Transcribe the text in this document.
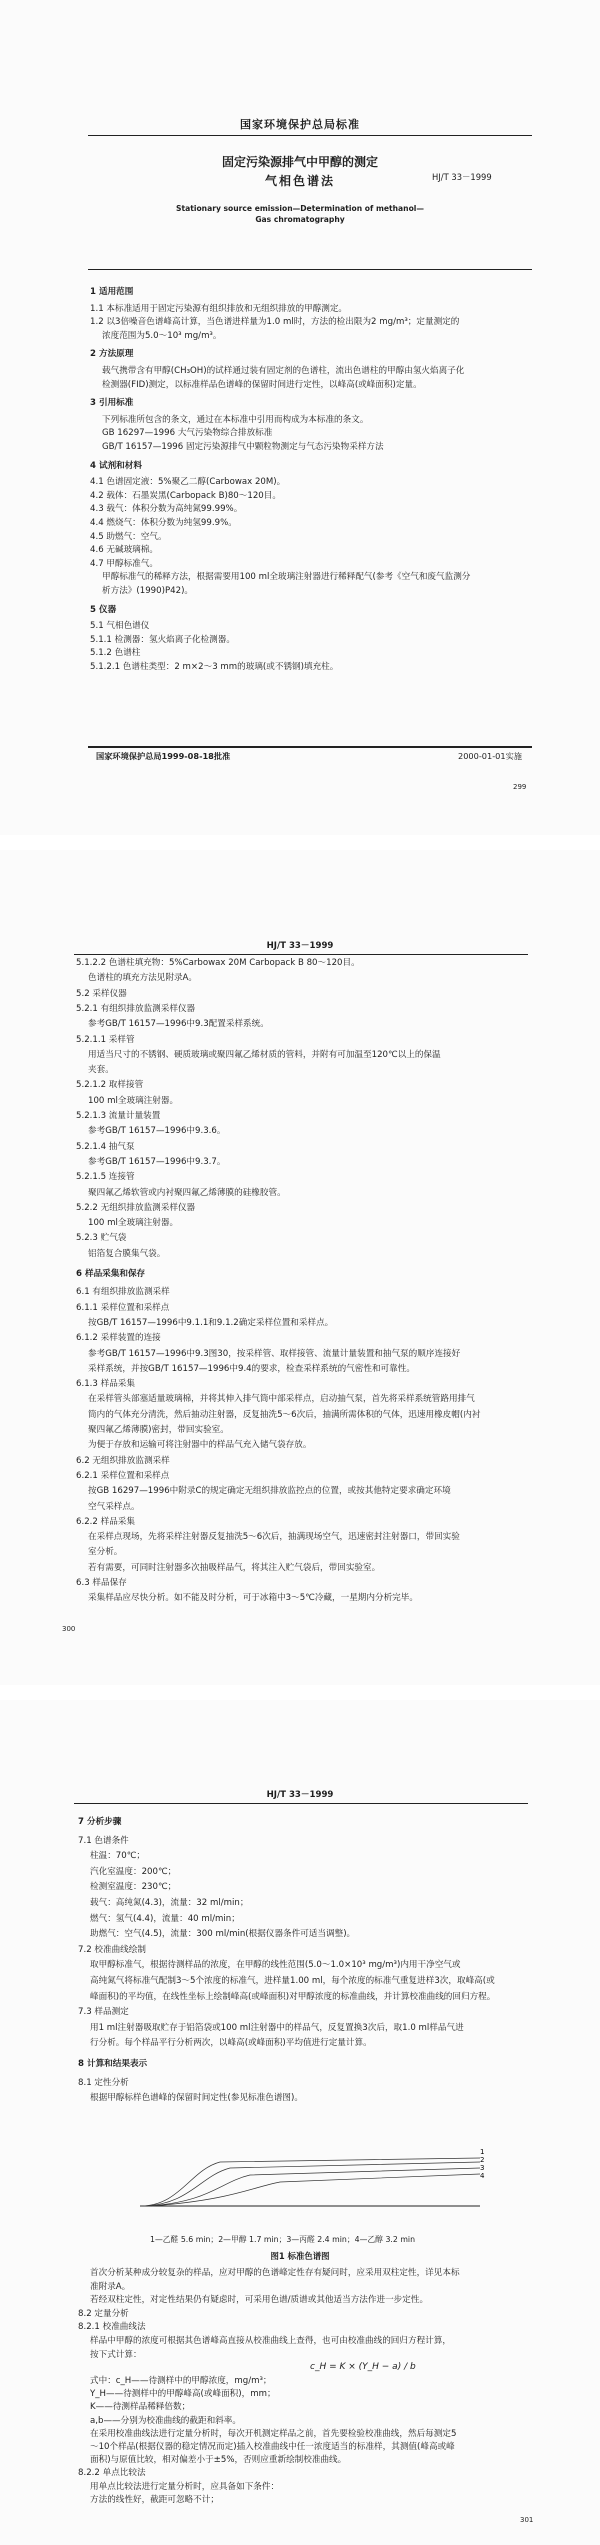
国家环境保护总局标准
固定污染源排气中甲醇的测定
气相色谱法	HJ/T 33－1999
Stationary source emission—Determination of methanol—
Gas chromatography
1 适用范围
1.1 本标准适用于固定污染源有组织排放和无组织排放的甲醇测定。
1.2 以3倍噪音色谱峰高计算，当色谱进样量为1.0 ml时，方法的检出限为2 mg/m³；定量测定的
浓度范围为5.0～10³ mg/m³。
2 方法原理
载气携带含有甲醇(CH₃OH)的试样通过装有固定剂的色谱柱，流出色谱柱的甲醇由氢火焰离子化
检测器(FID)测定，以标准样品色谱峰的保留时间进行定性，以峰高(或峰面积)定量。
3 引用标准
下列标准所包含的条文，通过在本标准中引用而构成为本标准的条文。
GB 16297—1996 大气污染物综合排放标准
GB/T 16157—1996 固定污染源排气中颗粒物测定与气态污染物采样方法
4 试剂和材料
4.1 色谱固定液：5%聚乙二醇(Carbowax 20M)。
4.2 载体：石墨炭黑(Carbopack B)80～120目。
4.3 载气：体积分数为高纯氮99.99%。
4.4 燃烧气：体积分数为纯氢99.9%。
4.5 助燃气：空气。
4.6 无碱玻璃棉。
4.7 甲醇标准气。
甲醇标准气的稀释方法，根据需要用100 ml全玻璃注射器进行稀释配气(参考《空气和废气监测分
析方法》(1990)P42)。
5 仪器
5.1 气相色谱仪
5.1.1 检测器：氢火焰离子化检测器。
5.1.2 色谱柱
5.1.2.1 色谱柱类型：2 m×2～3 mm的玻璃(或不锈钢)填充柱。
国家环境保护总局1999-08-18批准	2000-01-01实施
299
HJ/T 33－1999
5.1.2.2 色谱柱填充物：5%Carbowax 20M Carbopack B 80～120目。
色谱柱的填充方法见附录A。
5.2 采样仪器
5.2.1 有组织排放监测采样仪器
参考GB/T 16157—1996中9.3配置采样系统。
5.2.1.1 采样管
用适当尺寸的不锈钢、硬质玻璃或聚四氟乙烯材质的管料，并附有可加温至120℃以上的保温
夹套。
5.2.1.2 取样接管
100 ml全玻璃注射器。
5.2.1.3 流量计量装置
参考GB/T 16157—1996中9.3.6。
5.2.1.4 抽气泵
参考GB/T 16157—1996中9.3.7。
5.2.1.5 连接管
聚四氟乙烯软管或内衬聚四氟乙烯薄膜的硅橡胶管。
5.2.2 无组织排放监测采样仪器
100 ml全玻璃注射器。
5.2.3 贮气袋
铝箔复合膜集气袋。
6 样品采集和保存
6.1 有组织排放监测采样
6.1.1 采样位置和采样点
按GB/T 16157—1996中9.1.1和9.1.2确定采样位置和采样点。
6.1.2 采样装置的连接
参考GB/T 16157—1996中9.3图30，按采样管、取样接管、流量计量装置和抽气泵的顺序连接好
采样系统，并按GB/T 16157—1996中9.4的要求，检查采样系统的气密性和可靠性。
6.1.3 样品采集
在采样管头部塞适量玻璃棉，并将其伸入排气筒中部采样点，启动抽气泵，首先将采样系统管路用排气
筒内的气体充分清洗，然后抽动注射器，反复抽洗5～6次后，抽满所需体积的气体，迅速用橡皮帽(内衬
聚四氟乙烯薄膜)密封，带回实验室。
为便于存放和运输可将注射器中的样品气充入储气袋存放。
6.2 无组织排放监测采样
6.2.1 采样位置和采样点
按GB 16297—1996中附录C的规定确定无组织排放监控点的位置，或按其他特定要求确定环境
空气采样点。
6.2.2 样品采集
在采样点现场，先将采样注射器反复抽洗5～6次后，抽满现场空气，迅速密封注射器口，带回实验
室分析。
若有需要，可同时注射器多次抽吸样品气，将其注入贮气袋后，带回实验室。
6.3 样品保存
采集样品应尽快分析。如不能及时分析，可于冰箱中3～5℃冷藏，一星期内分析完毕。
300
HJ/T 33－1999
7 分析步骤
7.1 色谱条件
柱温：70℃；
汽化室温度：200℃；
检测室温度：230℃；
载气：高纯氮(4.3)，流量：32 ml/min；
燃气：氢气(4.4)，流量：40 ml/min；
助燃气：空气(4.5)，流量：300 ml/min(根据仪器条件可适当调整)。
7.2 校准曲线绘制
取甲醇标准气，根据待测样品的浓度，在甲醇的线性范围(5.0～1.0×10³ mg/m³)内用干净空气或
高纯氮气将标准气配制3～5个浓度的标准气，进样量1.00 ml，每个浓度的标准气重复进样3次，取峰高(或
峰面积)的平均值，在线性坐标上绘制峰高(或峰面积)对甲醇浓度的标准曲线，并计算校准曲线的回归方程。
7.3 样品测定
用1 ml注射器吸取贮存于铝箔袋或100 ml注射器中的样品气，反复置换3次后，取1.0 ml样品气进
行分析。每个样品平行分析两次，以峰高(或峰面积)平均值进行定量计算。
8 计算和结果表示
8.1 定性分析
根据甲醇标样色谱峰的保留时间定性(参见标准色谱图)。
1
2
3
4
1—乙醛 5.6 min；2—甲醇 1.7 min；3—丙醛 2.4 min；4—乙醇 3.2 min
图1 标准色谱图
首次分析某种成分较复杂的样品，应对甲醇的色谱峰定性存有疑问时，应采用双柱定性，详见本标
准附录A。
若经双柱定性，对定性结果仍有疑虑时，可采用色谱/质谱或其他适当方法作进一步定性。
8.2 定量分析
8.2.1 校准曲线法
样品中甲醇的浓度可根据其色谱峰高直接从校准曲线上查得，也可由校准曲线的回归方程计算，
按下式计算：
c_H = K × (Y_H − a) / b
式中：c_H——待测样中的甲醇浓度，mg/m³；
Y_H——待测样中的甲醇峰高(或峰面积)，mm；
K——待测样品稀释倍数；
a,b——分别为校准曲线的截距和斜率。
在采用校准曲线法进行定量分析时，每次开机测定样品之前，首先要检验校准曲线，然后每测定5
～10个样品(根据仪器的稳定情况而定)插入校准曲线中任一浓度适当的标准样，其测值(峰高或峰
面积)与原值比较，相对偏差小于±5%，否则应重新绘制校准曲线。
8.2.2 单点比较法
用单点比较法进行定量分析时，应具备如下条件：
方法的线性好，截距可忽略不计；
301
